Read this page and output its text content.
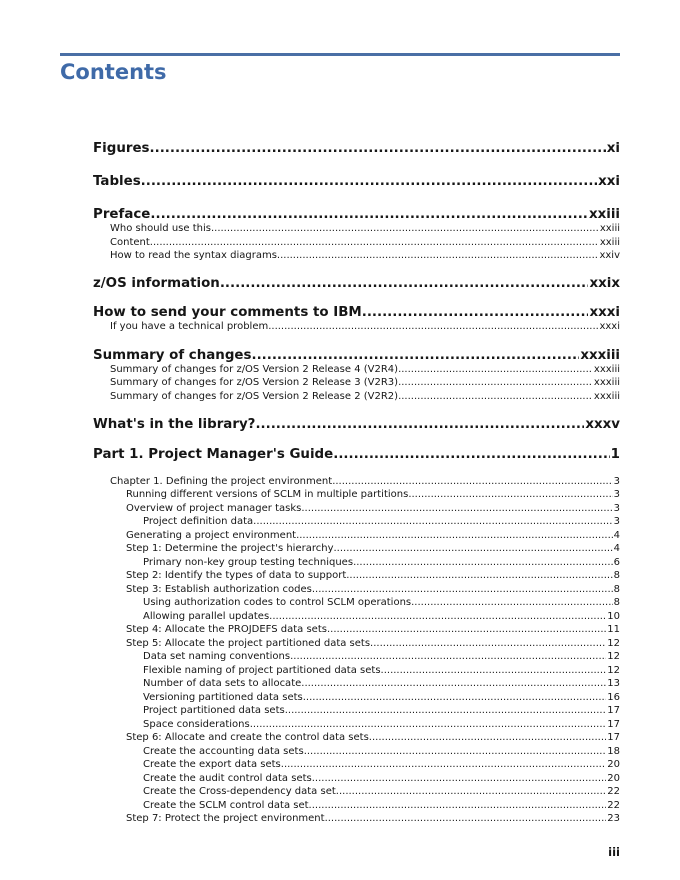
Contents
Figures .....	xi
Tables .....	xxi
Preface .....	xxiii
Who should use this .....	xxiii
Content .....	xxiii
How to read the syntax diagrams .....	xxiv
z/OS information .....	xxix
How to send your comments to IBM .....	xxxi
If you have a technical problem .....	xxxi
Summary of changes .....	xxxiii
Summary of changes for z/OS Version 2 Release 4 (V2R4) .....	xxxiii
Summary of changes for z/OS Version 2 Release 3 (V2R3) .....	xxxiii
Summary of changes for z/OS Version 2 Release 2 (V2R2) .....	xxxiii
What's in the library? .....	xxxv
Part 1. Project Manager's Guide .....	1
Chapter 1. Defining the project environment .....	3
Running different versions of SCLM in multiple partitions .....	3
Overview of project manager tasks .....	3
Project definition data .....	3
Generating a project environment .....	4
Step 1: Determine the project's hierarchy .....	4
Primary non-key group testing techniques .....	6
Step 2: Identify the types of data to support .....	8
Step 3: Establish authorization codes .....	8
Using authorization codes to control SCLM operations .....	8
Allowing parallel updates .....	10
Step 4: Allocate the PROJDEFS data sets .....	11
Step 5: Allocate the project partitioned data sets .....	12
Data set naming conventions .....	12
Flexible naming of project partitioned data sets .....	12
Number of data sets to allocate .....	13
Versioning partitioned data sets .....	16
Project partitioned data sets .....	17
Space considerations .....	17
Step 6: Allocate and create the control data sets .....	17
Create the accounting data sets .....	18
Create the export data sets .....	20
Create the audit control data sets .....	20
Create the Cross-dependency data set .....	22
Create the SCLM control data set .....	22
Step 7: Protect the project environment .....	23
iii
